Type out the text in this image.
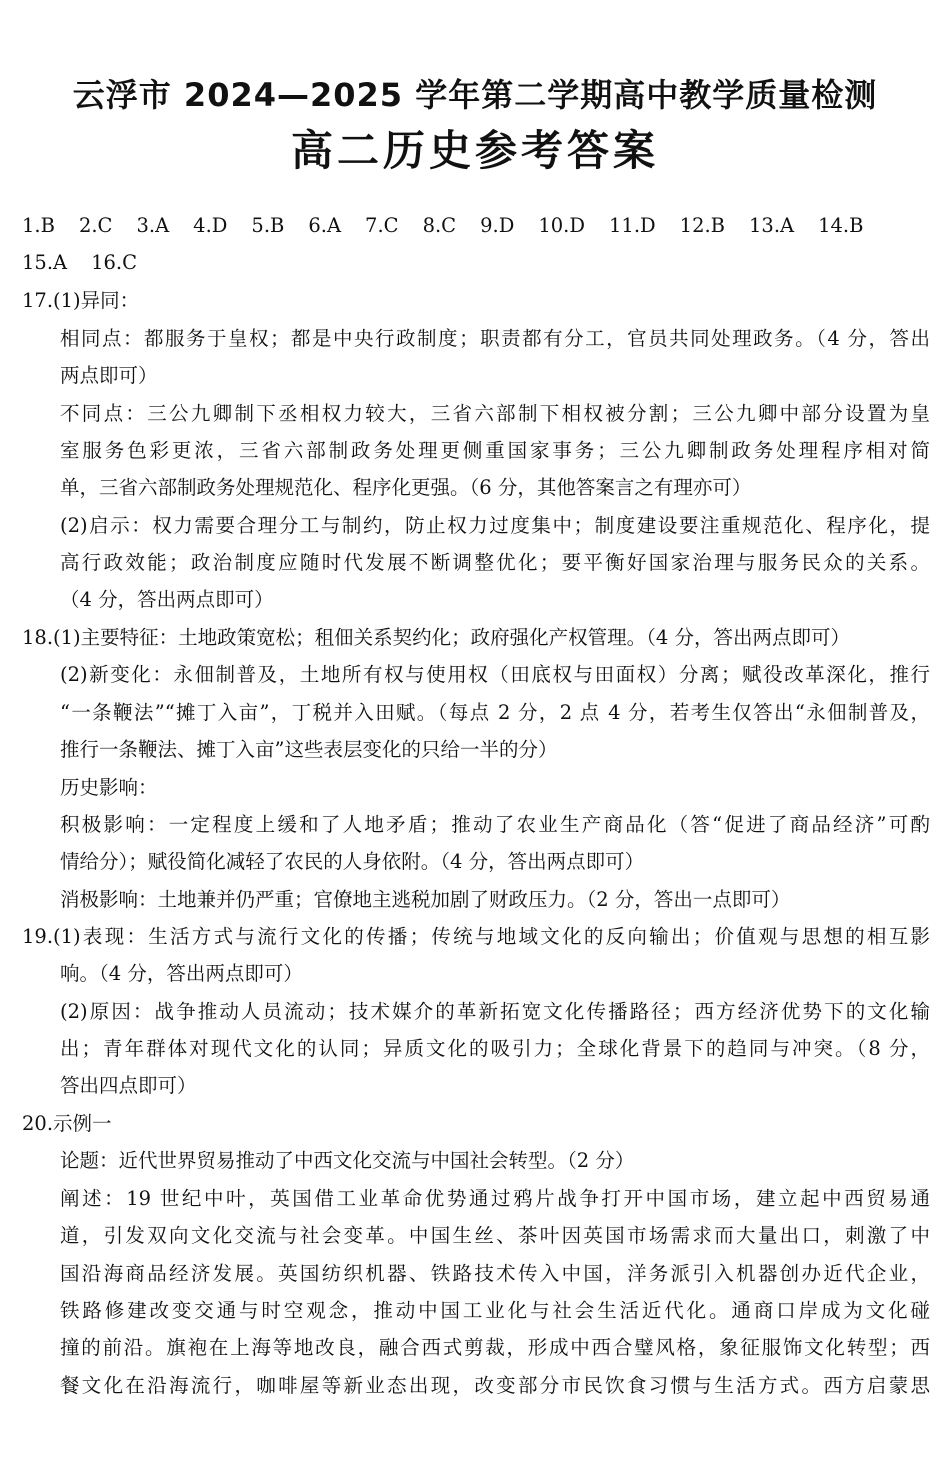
云浮市 2024—2025 学年第二学期高中教学质量检测
高二历史参考答案
1.B 2.C 3.A 4.D 5.B 6.A 7.C 8.C 9.D 10.D 11.D 12.B 13.A 14.B
15.A 16.C
17.(1)异同：
相同点：都服务于皇权；都是中央行政制度；职责都有分工，官员共同处理政务。（4 分，答出
两点即可）
不同点：三公九卿制下丞相权力较大，三省六部制下相权被分割；三公九卿中部分设置为皇
室服务色彩更浓，三省六部制政务处理更侧重国家事务；三公九卿制政务处理程序相对简
单，三省六部制政务处理规范化、程序化更强。（6 分，其他答案言之有理亦可）
(2)启示：权力需要合理分工与制约，防止权力过度集中；制度建设要注重规范化、程序化，提
高行政效能；政治制度应随时代发展不断调整优化；要平衡好国家治理与服务民众的关系。
（4 分，答出两点即可）
18.(1)主要特征：土地政策宽松；租佃关系契约化；政府强化产权管理。（4 分，答出两点即可）
(2)新变化：永佃制普及，土地所有权与使用权（田底权与田面权）分离；赋役改革深化，推行
“一条鞭法”“摊丁入亩”，丁税并入田赋。（每点 2 分，2 点 4 分，若考生仅答出“永佃制普及，
推行一条鞭法、摊丁入亩”这些表层变化的只给一半的分）
历史影响：
积极影响：一定程度上缓和了人地矛盾；推动了农业生产商品化（答“促进了商品经济”可酌
情给分）；赋役简化减轻了农民的人身依附。（4 分，答出两点即可）
消极影响：土地兼并仍严重；官僚地主逃税加剧了财政压力。（2 分，答出一点即可）
19.(1)表现：生活方式与流行文化的传播；传统与地域文化的反向输出；价值观与思想的相互影
响。（4 分，答出两点即可）
(2)原因：战争推动人员流动；技术媒介的革新拓宽文化传播路径；西方经济优势下的文化输
出；青年群体对现代文化的认同；异质文化的吸引力；全球化背景下的趋同与冲突。（8 分，
答出四点即可）
20.示例一
论题：近代世界贸易推动了中西文化交流与中国社会转型。（2 分）
阐述：19 世纪中叶，英国借工业革命优势通过鸦片战争打开中国市场，建立起中西贸易通
道，引发双向文化交流与社会变革。中国生丝、茶叶因英国市场需求而大量出口，刺激了中
国沿海商品经济发展。英国纺织机器、铁路技术传入中国，洋务派引入机器创办近代企业，
铁路修建改变交通与时空观念，推动中国工业化与社会生活近代化。通商口岸成为文化碰
撞的前沿。旗袍在上海等地改良，融合西式剪裁，形成中西合璧风格，象征服饰文化转型；西
餐文化在沿海流行，咖啡屋等新业态出现，改变部分市民饮食习惯与生活方式。西方启蒙思
